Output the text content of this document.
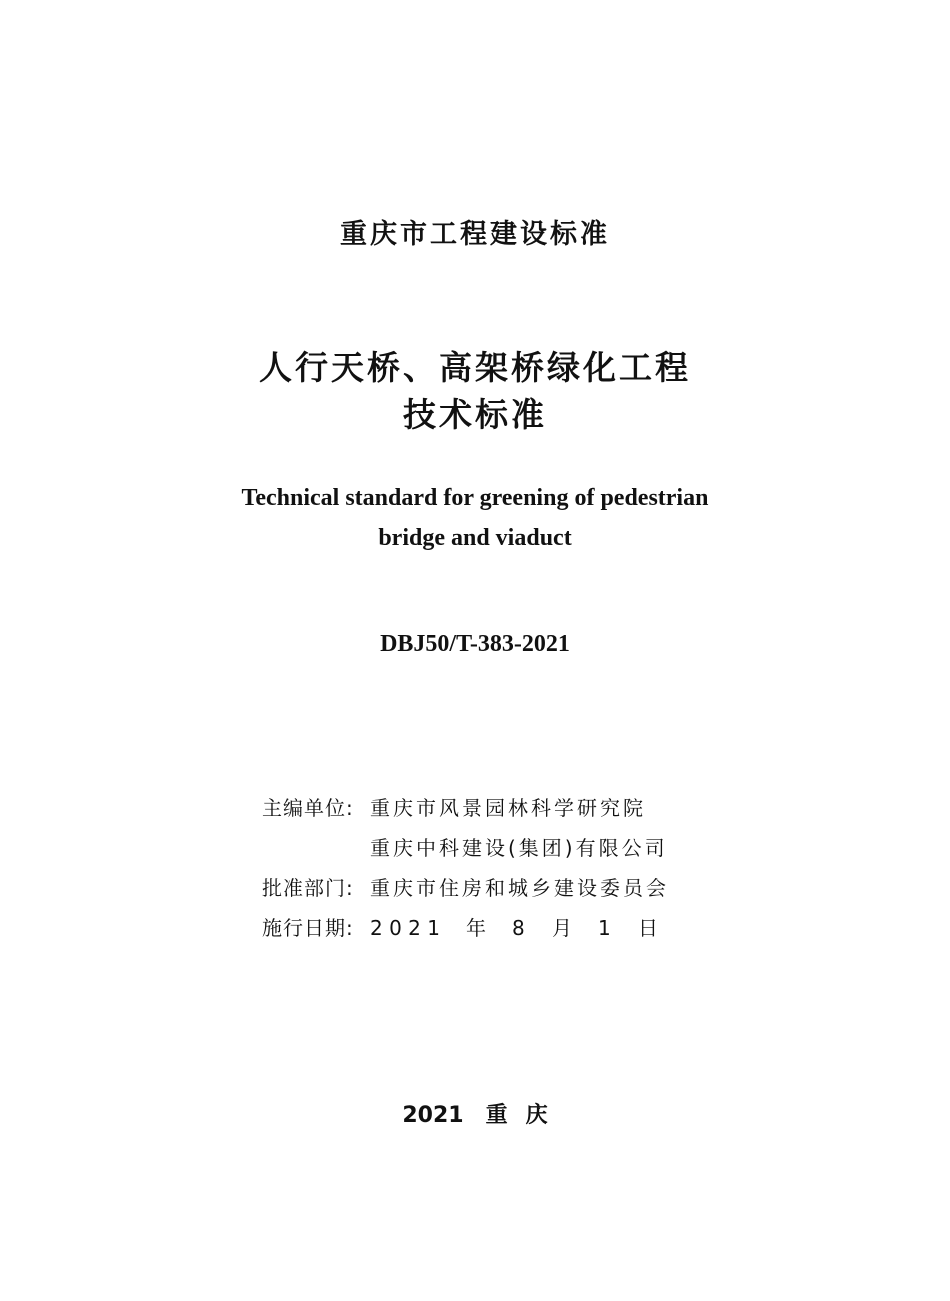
重庆市工程建设标准
人行天桥、高架桥绿化工程
技术标准
Technical standard for greening of pedestrian
bridge and viaduct
DBJ50/T-383-2021
主编单位: 重庆市风景园林科学研究院
重庆中科建设(集团)有限公司
批准部门: 重庆市住房和城乡建设委员会
施行日期: 2 0 2 1 年 8 月 1 日
2021 重 庆
